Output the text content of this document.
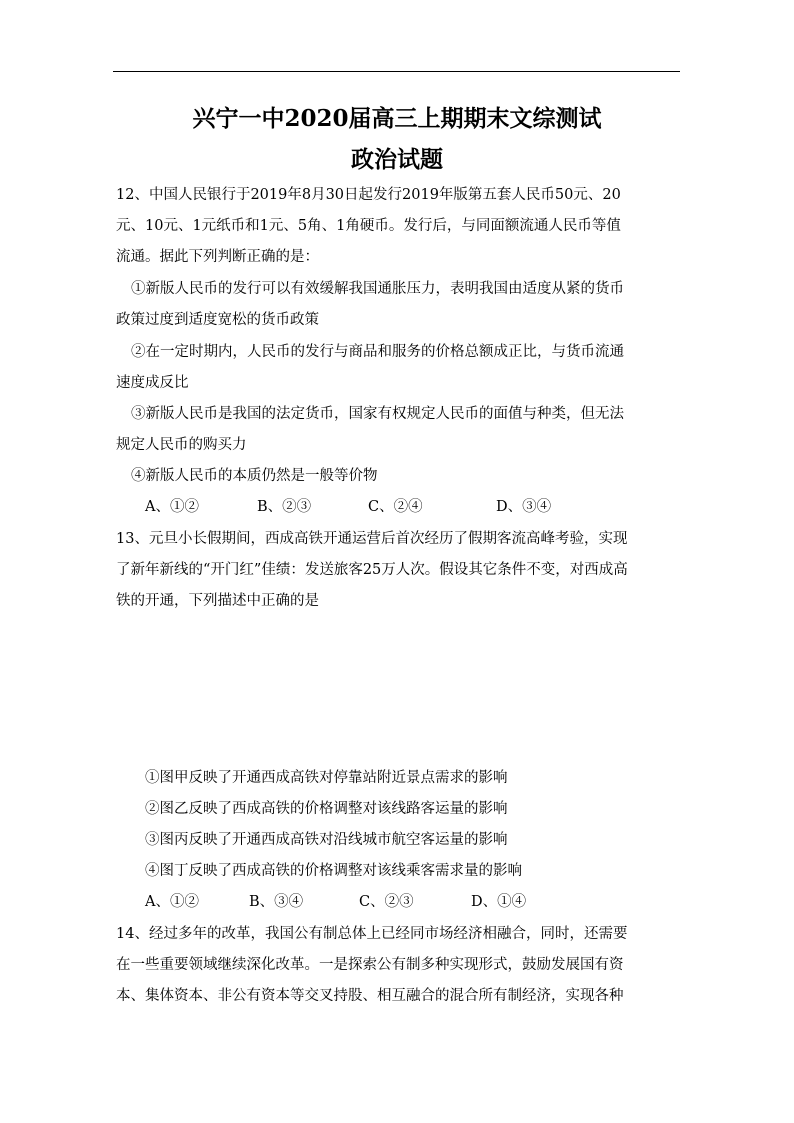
兴宁一中2020届高三上期期末文综测试
政治试题

12、中国人民银行于2019年8月30日起发行2019年版第五套人民币50元、20

元、10元、1元纸币和1元、5角、1角硬币。发行后，与同面额流通人民币等值

流通。据此下列判断正确的是：

①新版人民币的发行可以有效缓解我国通胀压力，表明我国由适度从紧的货币

政策过度到适度宽松的货币政策

②在一定时期内，人民币的发行与商品和服务的价格总额成正比，与货币流通

速度成反比

③新版人民币是我国的法定货币，国家有权规定人民币的面值与种类，但无法

规定人民币的购买力

④新版人民币的本质仍然是一般等价物

A、①②	B、②③	C、②④	D、③④

13、元旦小长假期间，西成高铁开通运营后首次经历了假期客流高峰考验，实现

了新年新线的“开门红”佳绩：发送旅客25万人次。假设其它条件不变，对西成高

铁的开通，下列描述中正确的是

①图甲反映了开通西成高铁对停靠站附近景点需求的影响

②图乙反映了西成高铁的价格调整对该线路客运量的影响

③图丙反映了开通西成高铁对沿线城市航空客运量的影响

④图丁反映了西成高铁的价格调整对该线乘客需求量的影响

A、①②	B、③④	C、②③	D、①④

14、经过多年的改革，我国公有制总体上已经同市场经济相融合，同时，还需要

在一些重要领域继续深化改革。一是探索公有制多种实现形式，鼓励发展国有资

本、集体资本、非公有资本等交叉持股、相互融合的混合所有制经济，实现各种
